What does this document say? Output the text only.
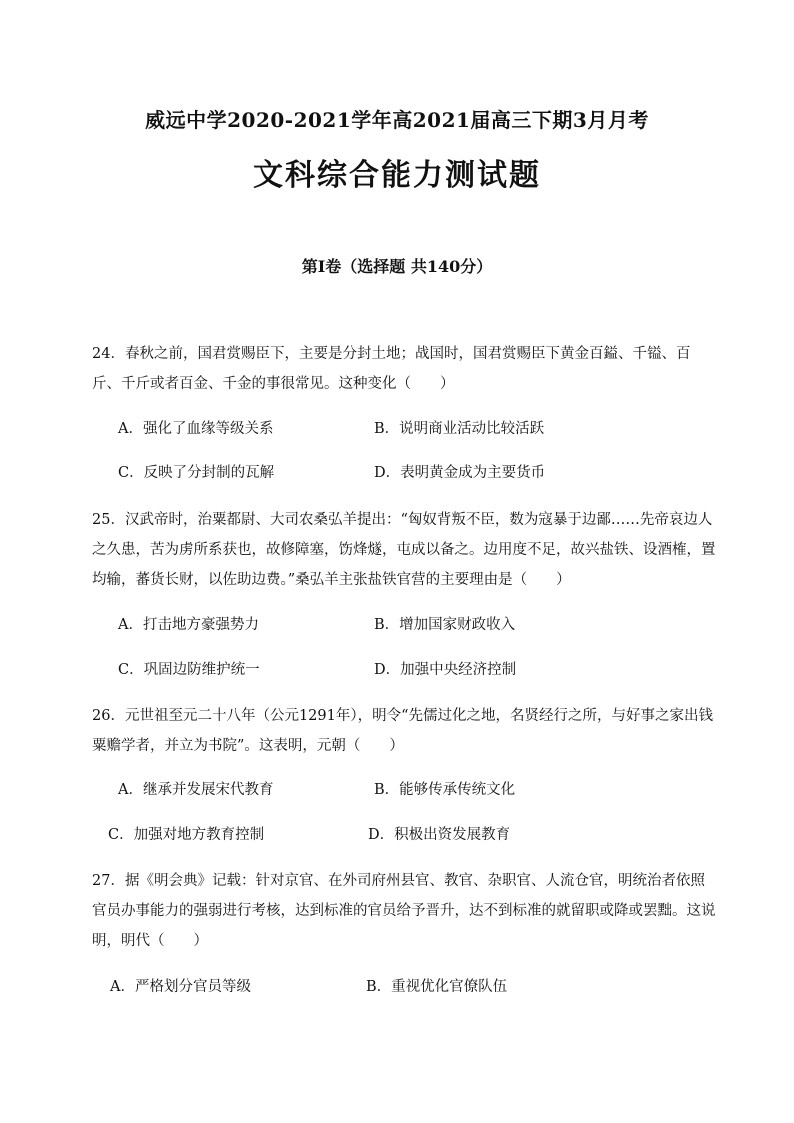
威远中学2020-2021学年高2021届高三下期3月月考
文科综合能力测试题
第I卷（选择题 共140分）
24．春秋之前，国君赏赐臣下，主要是分封土地；战国时，国君赏赐臣下黄金百鎰、千镒、百斤、千斤或者百金、千金的事很常见。这种变化（　　）
A．强化了血缘等级关系	B．说明商业活动比较活跃
C．反映了分封制的瓦解	D．表明黄金成为主要货币
25．汉武帝时，治粟都尉、大司农桑弘羊提出：“匈奴背叛不臣，数为寇暴于边鄙……先帝哀边人之久患，苦为虏所系获也，故修障塞，饬烽燧，屯成以备之。边用度不足，故兴盐铁、设酒榷，置均输，蕃货长财，以佐助边费。”桑弘羊主张盐铁官营的主要理由是（　　）
A．打击地方豪强势力	B．增加国家财政收入
C．巩固边防维护统一	D．加强中央经济控制
26．元世祖至元二十八年（公元1291年），明令“先儒过化之地，名贤经行之所，与好事之家出钱粟赡学者，并立为书院”。这表明，元朝（　　）
A．继承并发展宋代教育	B．能够传承传统文化
C．加强对地方教育控制	D．积极出资发展教育
27．据《明会典》记载：针对京官、在外司府州县官、教官、杂职官、人流仓官，明统治者依照官员办事能力的强弱进行考核，达到标准的官员给予晋升，达不到标准的就留职或降或罢黜。这说明，明代（　　）
A．严格划分官员等级	B．重视优化官僚队伍
